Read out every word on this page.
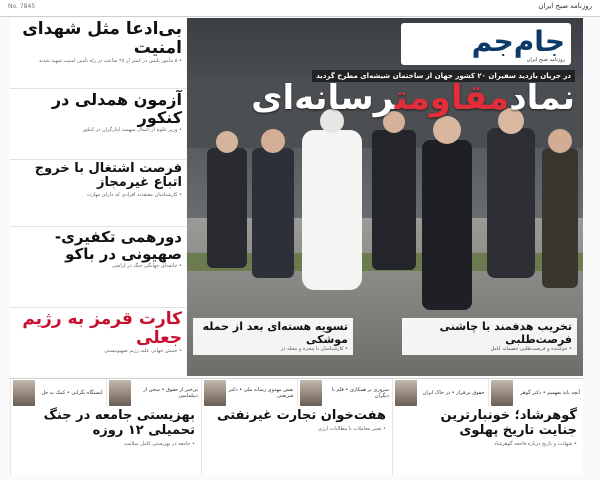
روزنامه صبح ایران
No. 7845
بی‌ادعا مثل شهدای امنیت
• ۵ مأمور پلیس در کمتر از ۲۸ ساعت در راه تأمین امنیت شهید شدند
آزمون همدلی در کنکور
• وزیر علوم از اعمال سهمیه ایثارگران در کنکور
فرصت اشتغال با خروج اتباع غیرمجاز
• کارشناسان معتقدند افرادی که دارای مهارت
دورهمی تکفیری-صهیونی در باکو
• جانفدای جهانگیر جنگ در اراضی
کارت قرمز به رژیم جعلی
• جنبش جهانی علیه رژیم صهیونیستی
جام‌جم
روزنامه صبح ایران
در جریان بازدید سفیران ۲۰ کشور جهان از ساختمان شیشه‌ای مطرح گردید
نمادمقاومترسانه‌ای
تسویه هسته‌ای بعد از حمله موشکی
• کارشناسان با پنجره و مجله در
تخریب هدفمند با چاشنی فرصت‌طلبی
• جوکننده و فرصت‌طلبی خصمانه کامل
آنچه باید بفهمیم • دکتر گوهر
حقوق بی‌فراز • در خاک ایران
سروری بر همکاری • قلم با دیگران
نقش مهدوی رسانه ملی • دکتر شریعتی
بی‌خبر از حقوق • سخن از دیپلماسی
ایستگاه نگرانی • کمک به حل
گوهرشاد؛ خونبارترین جنایت تاریخ پهلوی
• شهادت و تاریخ درباره فاجعه گوهرشاد
هفت‌خوان تجارت غیرنفتی
• تغییر معاملات با مطالبات ارزی
بهزیستی جامعه در جنگ تحمیلی ۱۲ روزه
• جامعه در بهزیستی کامل سلامت
